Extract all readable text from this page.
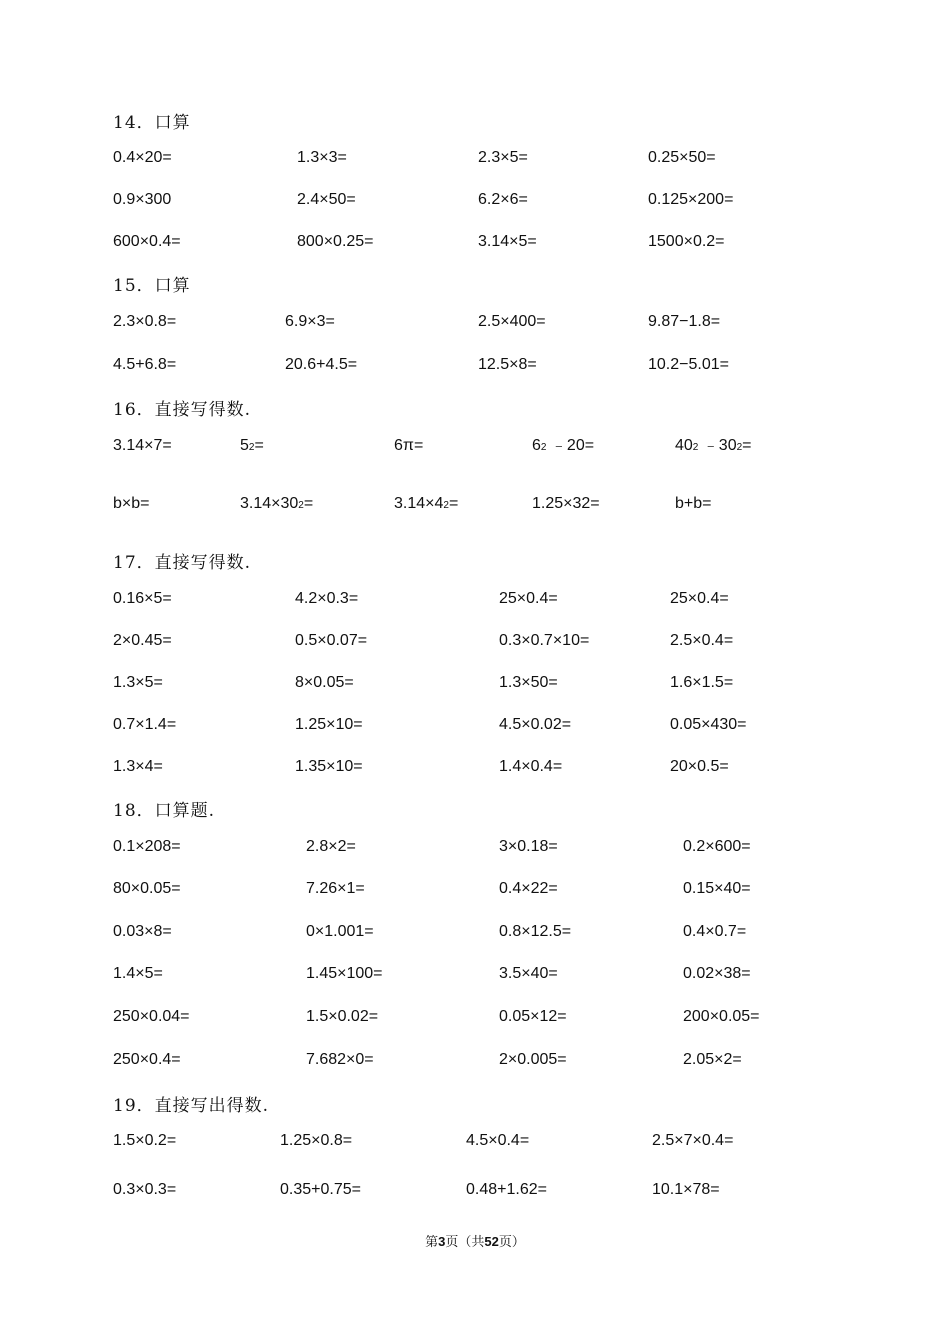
14．口算
0.4×20=	1.3×3=	2.3×5=	0.25×50=
0.9×300	2.4×50=	6.2×6=	0.125×200=
600×0.4=	800×0.25=	3.14×5=	1500×0.2=
15．口算
2.3×0.8=	6.9×3=	2.5×400=	9.87−1.8=
4.5+6.8=	20.6+4.5=	12.5×8=	10.2−5.01=
16．直接写得数.
3.14×7=	52=	6π=	62 ﹣20=	402 ﹣302=
b×b=	3.14×302=	3.14×42=	1.25×32=	b+b=
17．直接写得数.
0.16×5=	4.2×0.3=	25×0.4=	25×0.4=
2×0.45=	0.5×0.07=	0.3×0.7×10=	2.5×0.4=
1.3×5=	8×0.05=	1.3×50=	1.6×1.5=
0.7×1.4=	1.25×10=	4.5×0.02=	0.05×430=
1.3×4=	1.35×10=	1.4×0.4=	20×0.5=
18．口算题.
0.1×208=	2.8×2=	3×0.18=	0.2×600=
80×0.05=	7.26×1=	0.4×22=	0.15×40=
0.03×8=	0×1.001=	0.8×12.5=	0.4×0.7=
1.4×5=	1.45×100=	3.5×40=	0.02×38=
250×0.04=	1.5×0.02=	0.05×12=	200×0.05=
250×0.4=	7.682×0=	2×0.005=	2.05×2=
19．直接写出得数.
1.5×0.2=	1.25×0.8=	4.5×0.4=	2.5×7×0.4=
0.3×0.3=	0.35+0.75=	0.48+1.62=	10.1×78=
第3页（共52页）
